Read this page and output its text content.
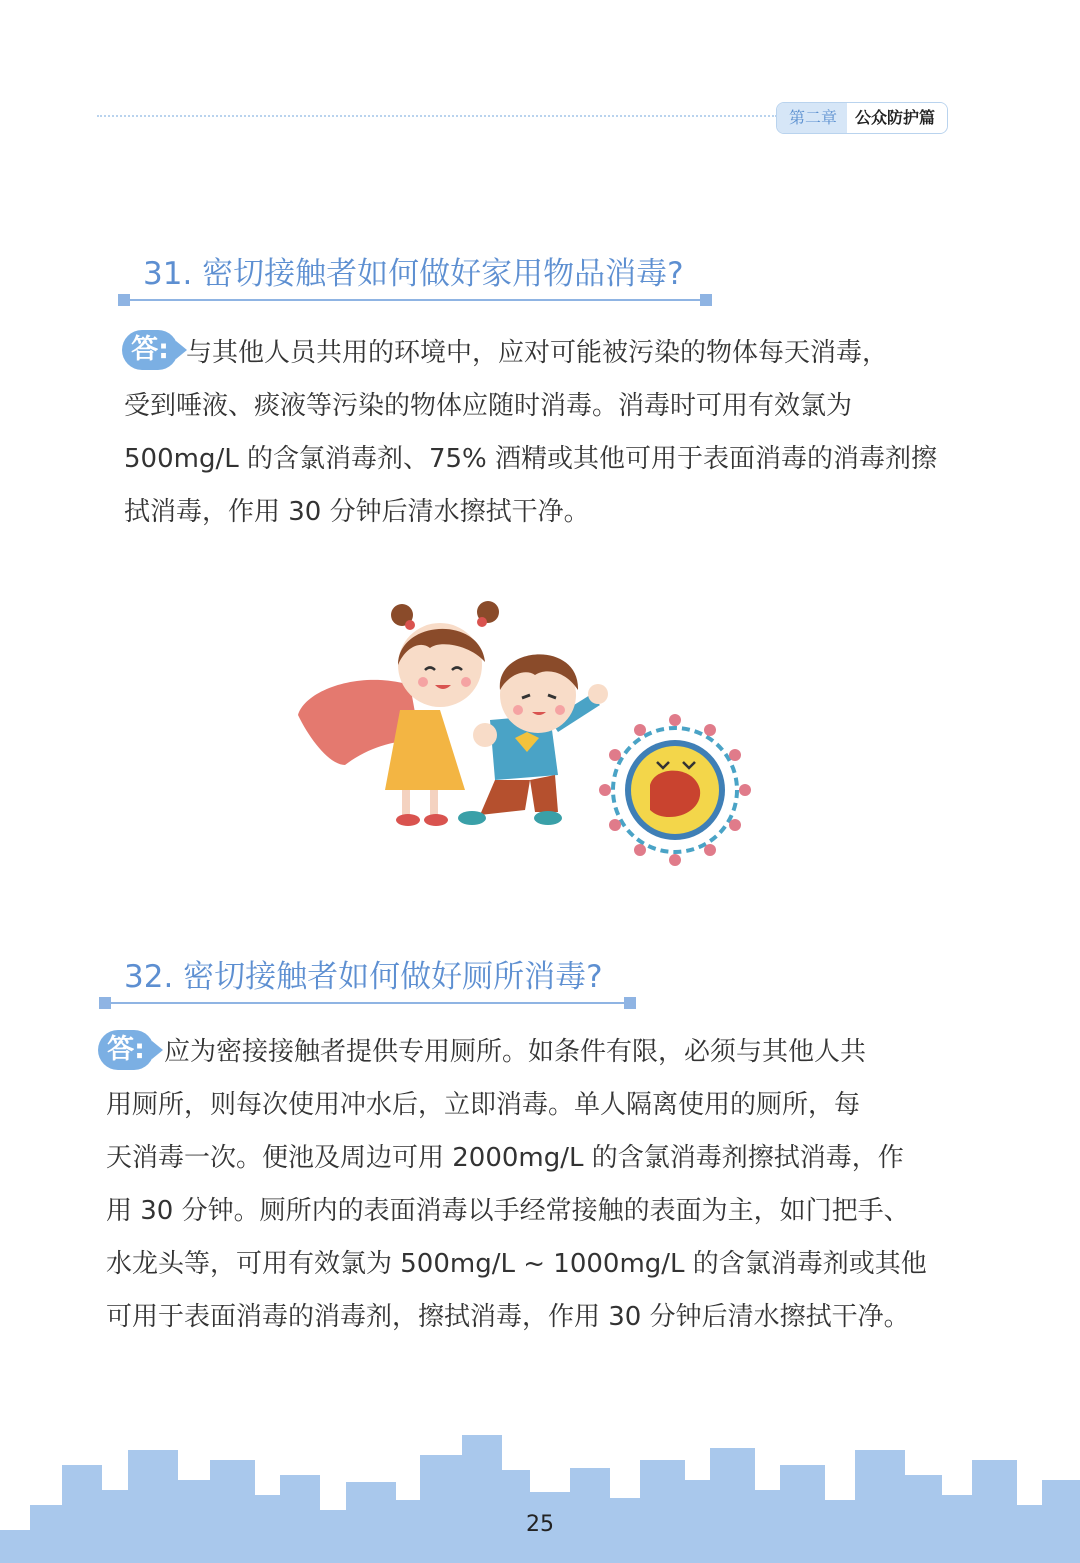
第二章	公众防护篇
31. 密切接触者如何做好家用物品消毒?
答: 与其他人员共用的环境中，应对可能被污染的物体每天消毒，
受到唾液、痰液等污染的物体应随时消毒。消毒时可用有效氯为
500mg/L 的含氯消毒剂、75% 酒精或其他可用于表面消毒的消毒剂擦
拭消毒，作用 30 分钟后清水擦拭干净。
32. 密切接触者如何做好厕所消毒?
答: 应为密接接触者提供专用厕所。如条件有限，必须与其他人共
用厕所，则每次使用冲水后，立即消毒。单人隔离使用的厕所，每
天消毒一次。便池及周边可用 2000mg/L 的含氯消毒剂擦拭消毒，作
用 30 分钟。厕所内的表面消毒以手经常接触的表面为主，如门把手、
水龙头等，可用有效氯为 500mg/L ~ 1000mg/L 的含氯消毒剂或其他
可用于表面消毒的消毒剂，擦拭消毒，作用 30 分钟后清水擦拭干净。
25
